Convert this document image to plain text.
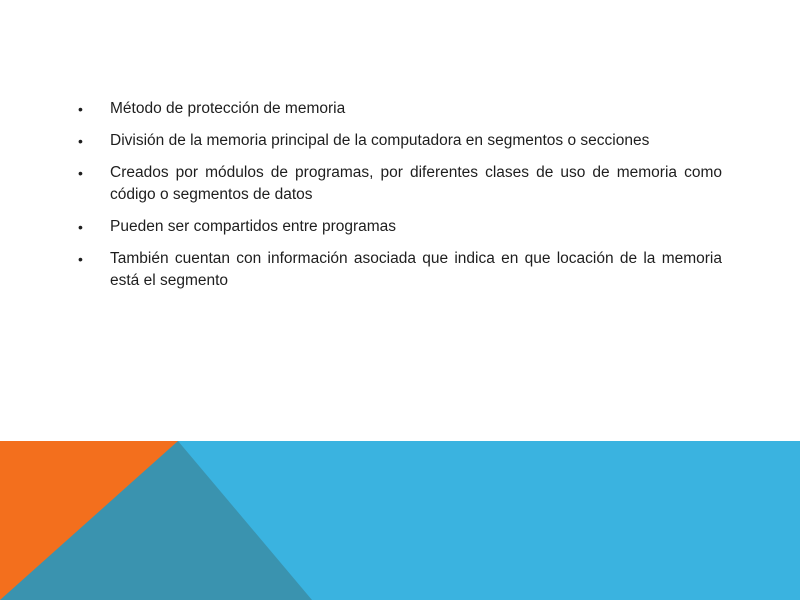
•	Método de protección de memoria
•	División de la memoria principal de la computadora en segmentos o secciones
•	Creados por módulos de programas, por diferentes clases de uso de memoria como código o segmentos de datos
•	Pueden ser compartidos entre programas
•	También cuentan con información asociada que indica en que locación de la memoria está el segmento
